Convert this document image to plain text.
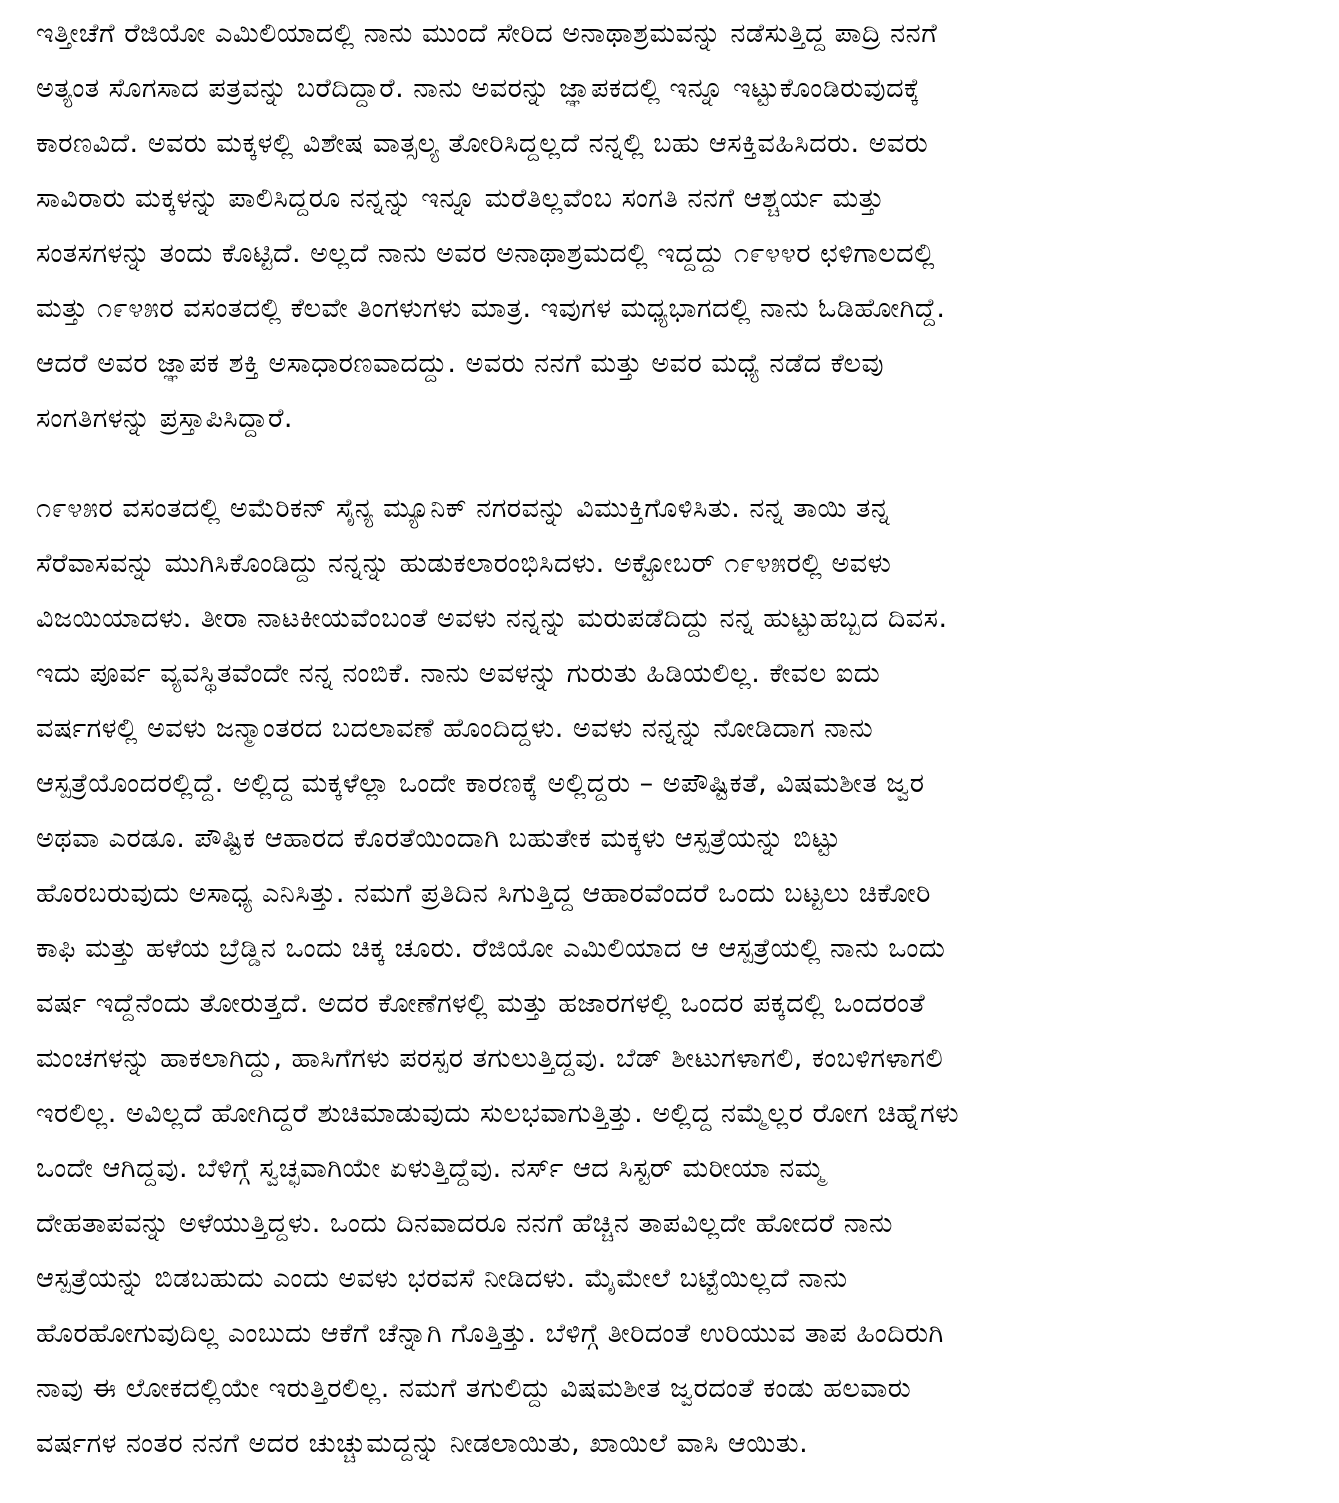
ಇತ್ತೀಚೆಗೆ ರೆಜಿಯೋ ಎಮಿಲಿಯಾದಲ್ಲಿ ನಾನು ಮುಂದೆ ಸೇರಿದ ಅನಾಥಾಶ್ರಮವನ್ನು ನಡೆಸುತ್ತಿದ್ದ ಪಾದ್ರಿ ನನಗೆ
ಅತ್ಯಂತ ಸೊಗಸಾದ ಪತ್ರವನ್ನು ಬರೆದಿದ್ದಾರೆ. ನಾನು ಅವರನ್ನು ಜ್ಞಾಪಕದಲ್ಲಿ ಇನ್ನೂ ಇಟ್ಟುಕೊಂಡಿರುವುದಕ್ಕೆ
ಕಾರಣವಿದೆ. ಅವರು ಮಕ್ಕಳಲ್ಲಿ ವಿಶೇಷ ವಾತ್ಸಲ್ಯ ತೋರಿಸಿದ್ದಲ್ಲದೆ ನನ್ನಲ್ಲಿ ಬಹು ಆಸಕ್ತಿವಹಿಸಿದರು. ಅವರು
ಸಾವಿರಾರು ಮಕ್ಕಳನ್ನು ಪಾಲಿಸಿದ್ದರೂ ನನ್ನನ್ನು ಇನ್ನೂ ಮರೆತಿಲ್ಲವೆಂಬ ಸಂಗತಿ ನನಗೆ ಆಶ್ಚರ್ಯ ಮತ್ತು
ಸಂತಸಗಳನ್ನು ತಂದು ಕೊಟ್ಟಿದೆ. ಅಲ್ಲದೆ ನಾನು ಅವರ ಅನಾಥಾಶ್ರಮದಲ್ಲಿ ಇದ್ದದ್ದು ೧೯೪೪ರ ಛಳಿಗಾಲದಲ್ಲಿ
ಮತ್ತು ೧೯೪೫ರ ವಸಂತದಲ್ಲಿ ಕೆಲವೇ ತಿಂಗಳುಗಳು ಮಾತ್ರ. ಇವುಗಳ ಮಧ್ಯಭಾಗದಲ್ಲಿ ನಾನು ಓಡಿಹೋಗಿದ್ದೆ.
ಆದರೆ ಅವರ ಜ್ಞಾಪಕ ಶಕ್ತಿ ಅಸಾಧಾರಣವಾದದ್ದು. ಅವರು ನನಗೆ ಮತ್ತು ಅವರ ಮಧ್ಯೆ ನಡೆದ ಕೆಲವು
ಸಂಗತಿಗಳನ್ನು ಪ್ರಸ್ತಾಪಿಸಿದ್ದಾರೆ.
೧೯೪೫ರ ವಸಂತದಲ್ಲಿ ಅಮೆರಿಕನ್ ಸೈನ್ಯ ಮ್ಯೂನಿಕ್ ನಗರವನ್ನು ವಿಮುಕ್ತಿಗೊಳಿಸಿತು. ನನ್ನ ತಾಯಿ ತನ್ನ
ಸೆರೆವಾಸವನ್ನು ಮುಗಿಸಿಕೊಂಡಿದ್ದು ನನ್ನನ್ನು ಹುಡುಕಲಾರಂಭಿಸಿದಳು. ಅಕ್ಟೋಬರ್ ೧೯೪೫ರಲ್ಲಿ ಅವಳು
ವಿಜಯಿಯಾದಳು. ತೀರಾ ನಾಟಕೀಯವೆಂಬಂತೆ ಅವಳು ನನ್ನನ್ನು ಮರುಪಡೆದಿದ್ದು ನನ್ನ ಹುಟ್ಟುಹಬ್ಬದ ದಿವಸ.
ಇದು ಪೂರ್ವ ವ್ಯವಸ್ಥಿತವೆಂದೇ ನನ್ನ ನಂಬಿಕೆ. ನಾನು ಅವಳನ್ನು ಗುರುತು ಹಿಡಿಯಲಿಲ್ಲ. ಕೇವಲ ಐದು
ವರ್ಷಗಳಲ್ಲಿ ಅವಳು ಜನ್ಮಾಂತರದ ಬದಲಾವಣೆ ಹೊಂದಿದ್ದಳು. ಅವಳು ನನ್ನನ್ನು ನೋಡಿದಾಗ ನಾನು
ಆಸ್ಪತ್ರೆಯೊಂದರಲ್ಲಿದ್ದೆ. ಅಲ್ಲಿದ್ದ ಮಕ್ಕಳೆಲ್ಲಾ ಒಂದೇ ಕಾರಣಕ್ಕೆ ಅಲ್ಲಿದ್ದರು – ಅಪೌಷ್ಟಿಕತೆ, ವಿಷಮಶೀತ ಜ್ವರ
ಅಥವಾ ಎರಡೂ. ಪೌಷ್ಟಿಕ ಆಹಾರದ ಕೊರತೆಯಿಂದಾಗಿ ಬಹುತೇಕ ಮಕ್ಕಳು ಆಸ್ಪತ್ರೆಯನ್ನು ಬಿಟ್ಟು
ಹೊರಬರುವುದು ಅಸಾಧ್ಯ ಎನಿಸಿತ್ತು. ನಮಗೆ ಪ್ರತಿದಿನ ಸಿಗುತ್ತಿದ್ದ ಆಹಾರವೆಂದರೆ ಒಂದು ಬಟ್ಟಲು ಚಿಕೋರಿ
ಕಾಫಿ ಮತ್ತು ಹಳೆಯ ಬ್ರೆಡ್ಡಿನ ಒಂದು ಚಿಕ್ಕ ಚೂರು. ರೆಜಿಯೋ ಎಮಿಲಿಯಾದ ಆ ಆಸ್ಪತ್ರೆಯಲ್ಲಿ ನಾನು ಒಂದು
ವರ್ಷ ಇದ್ದೆನೆಂದು ತೋರುತ್ತದೆ. ಅದರ ಕೋಣೆಗಳಲ್ಲಿ ಮತ್ತು ಹಜಾರಗಳಲ್ಲಿ ಒಂದರ ಪಕ್ಕದಲ್ಲಿ ಒಂದರಂತೆ
ಮಂಚಗಳನ್ನು ಹಾಕಲಾಗಿದ್ದು, ಹಾಸಿಗೆಗಳು ಪರಸ್ಪರ ತಗುಲುತ್ತಿದ್ದವು. ಬೆಡ್ ಶೀಟುಗಳಾಗಲಿ, ಕಂಬಳಿಗಳಾಗಲಿ
ಇರಲಿಲ್ಲ. ಅವಿಲ್ಲದೆ ಹೋಗಿದ್ದರೆ ಶುಚಿಮಾಡುವುದು ಸುಲಭವಾಗುತ್ತಿತ್ತು. ಅಲ್ಲಿದ್ದ ನಮ್ಮೆಲ್ಲರ ರೋಗ ಚಿಹ್ನೆಗಳು
ಒಂದೇ ಆಗಿದ್ದವು. ಬೆಳಿಗ್ಗೆ ಸ್ವಚ್ಛವಾಗಿಯೇ ಏಳುತ್ತಿದ್ದೆವು. ನರ್ಸ್ ಆದ ಸಿಸ್ಟರ್ ಮರೀಯಾ ನಮ್ಮ
ದೇಹತಾಪವನ್ನು ಅಳೆಯುತ್ತಿದ್ದಳು. ಒಂದು ದಿನವಾದರೂ ನನಗೆ ಹೆಚ್ಚಿನ ತಾಪವಿಲ್ಲದೇ ಹೋದರೆ ನಾನು
ಆಸ್ಪತ್ರೆಯನ್ನು ಬಿಡಬಹುದು ಎಂದು ಅವಳು ಭರವಸೆ ನೀಡಿದಳು. ಮೈಮೇಲೆ ಬಟ್ಟೆಯಿಲ್ಲದೆ ನಾನು
ಹೊರಹೋಗುವುದಿಲ್ಲ ಎಂಬುದು ಆಕೆಗೆ ಚೆನ್ನಾಗಿ ಗೊತ್ತಿತ್ತು. ಬೆಳಿಗ್ಗೆ ತೀರಿದಂತೆ ಉರಿಯುವ ತಾಪ ಹಿಂದಿರುಗಿ
ನಾವು ಈ ಲೋಕದಲ್ಲಿಯೇ ಇರುತ್ತಿರಲಿಲ್ಲ. ನಮಗೆ ತಗುಲಿದ್ದು ವಿಷಮಶೀತ ಜ್ವರದಂತೆ ಕಂಡು ಹಲವಾರು
ವರ್ಷಗಳ ನಂತರ ನನಗೆ ಅದರ ಚುಚ್ಚುಮದ್ದನ್ನು ನೀಡಲಾಯಿತು, ಖಾಯಿಲೆ ವಾಸಿ ಆಯಿತು.
